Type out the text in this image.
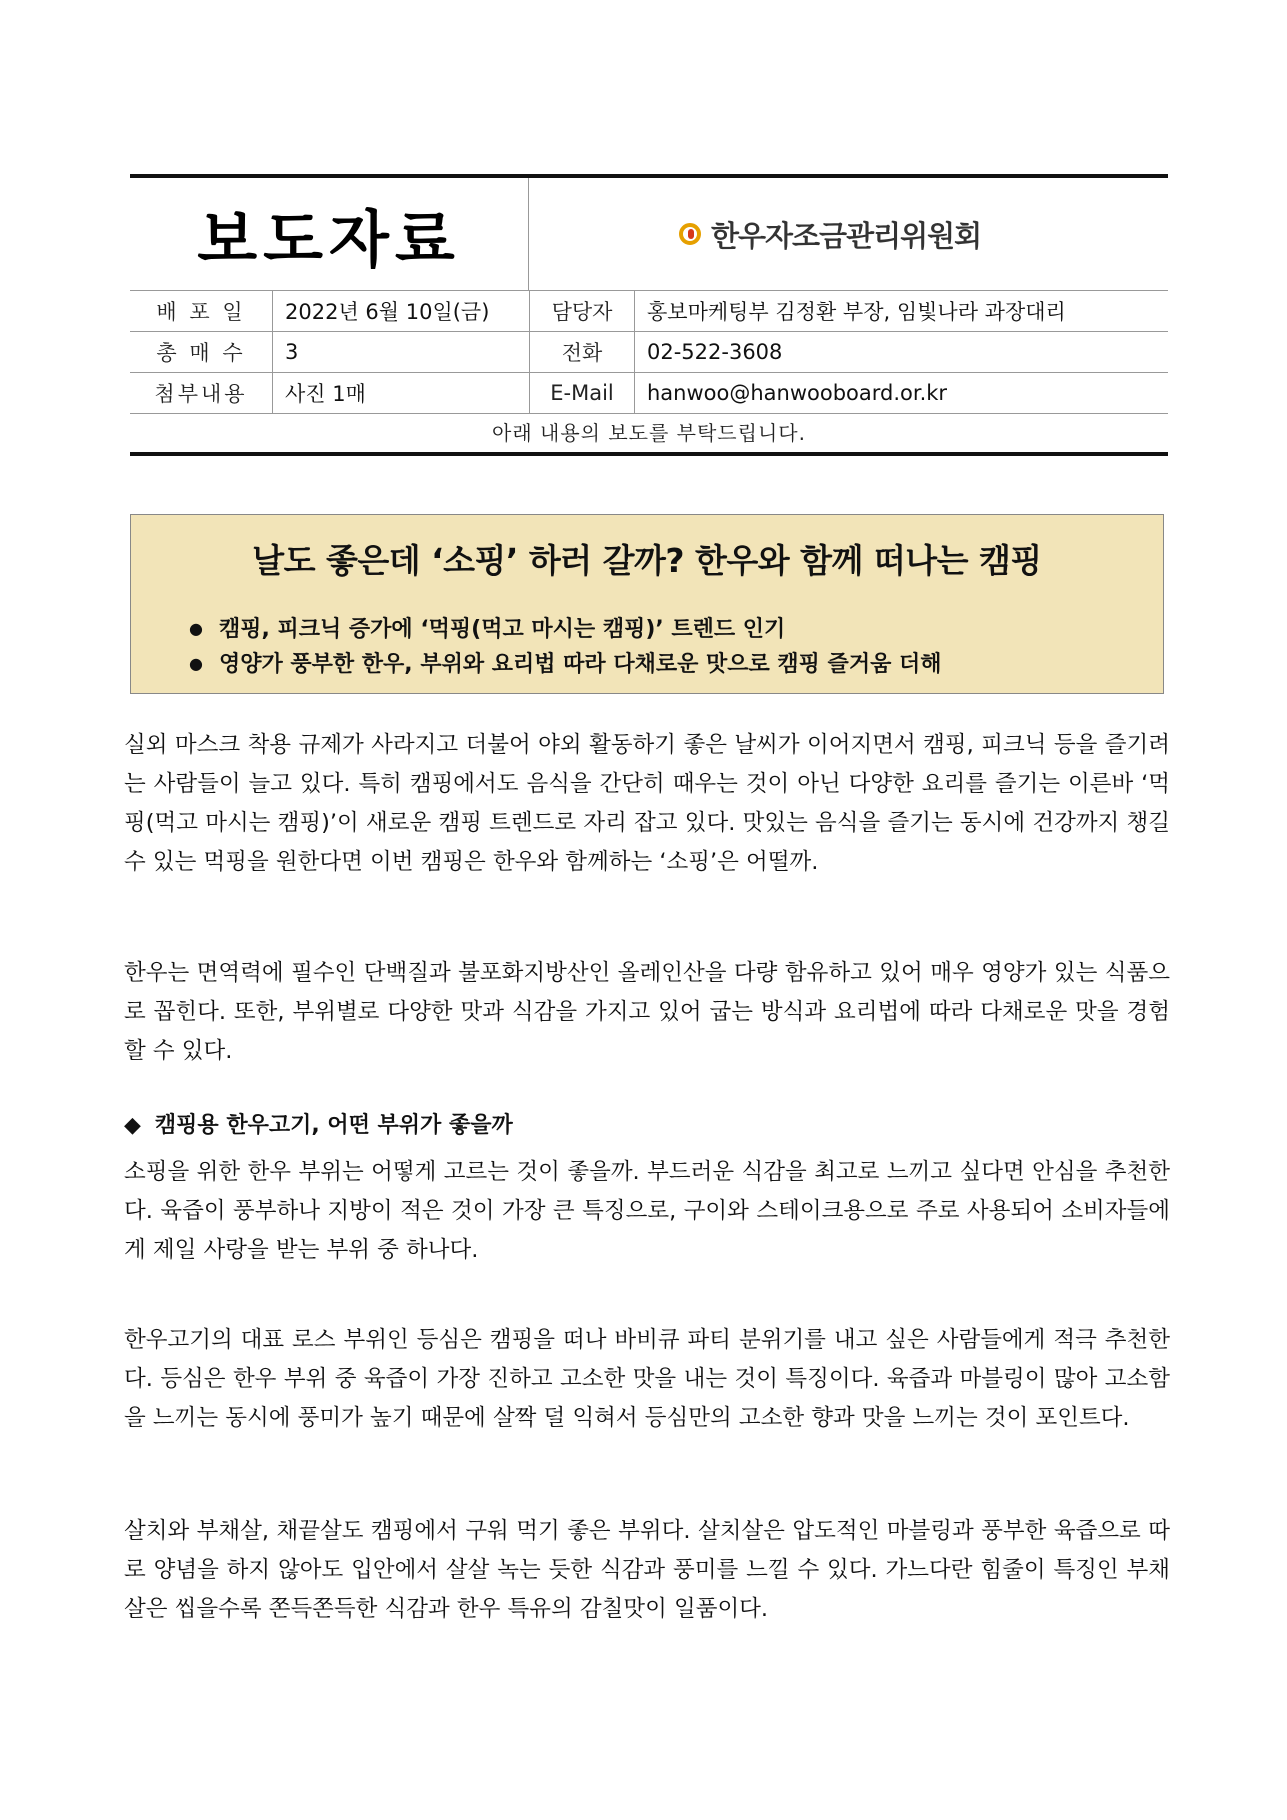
보도자료	한우자조금관리위원회
배 포 일	2022년 6월 10일(금)	담당자	홍보마케팅부 김정환 부장, 임빛나라 과장대리
총 매 수	3	전화	02-522-3608
첨부내용	사진 1매	E-Mail	hanwoo@hanwooboard.or.kr
아래 내용의 보도를 부탁드립니다.
날도 좋은데 ‘소핑’ 하러 갈까? 한우와 함께 떠나는 캠핑
● 캠핑, 피크닉 증가에 ‘먹핑(먹고 마시는 캠핑)’ 트렌드 인기
● 영양가 풍부한 한우, 부위와 요리법 따라 다채로운 맛으로 캠핑 즐거움 더해

실외 마스크 착용 규제가 사라지고 더불어 야외 활동하기 좋은 날씨가 이어지면서 캠핑, 피크닉 등을 즐기려는 사람들이 늘고 있다. 특히 캠핑에서도 음식을 간단히 때우는 것이 아닌 다양한 요리를 즐기는 이른바 ‘먹핑(먹고 마시는 캠핑)’이 새로운 캠핑 트렌드로 자리 잡고 있다. 맛있는 음식을 즐기는 동시에 건강까지 챙길 수 있는 먹핑을 원한다면 이번 캠핑은 한우와 함께하는 ‘소핑’은 어떨까.

한우는 면역력에 필수인 단백질과 불포화지방산인 올레인산을 다량 함유하고 있어 매우 영양가 있는 식품으로 꼽힌다. 또한, 부위별로 다양한 맛과 식감을 가지고 있어 굽는 방식과 요리법에 따라 다채로운 맛을 경험할 수 있다.

◆ 캠핑용 한우고기, 어떤 부위가 좋을까

소핑을 위한 한우 부위는 어떻게 고르는 것이 좋을까. 부드러운 식감을 최고로 느끼고 싶다면 안심을 추천한다. 육즙이 풍부하나 지방이 적은 것이 가장 큰 특징으로, 구이와 스테이크용으로 주로 사용되어 소비자들에게 제일 사랑을 받는 부위 중 하나다.

한우고기의 대표 로스 부위인 등심은 캠핑을 떠나 바비큐 파티 분위기를 내고 싶은 사람들에게 적극 추천한다. 등심은 한우 부위 중 육즙이 가장 진하고 고소한 맛을 내는 것이 특징이다. 육즙과 마블링이 많아 고소함을 느끼는 동시에 풍미가 높기 때문에 살짝 덜 익혀서 등심만의 고소한 향과 맛을 느끼는 것이 포인트다.

살치와 부채살, 채끝살도 캠핑에서 구워 먹기 좋은 부위다. 살치살은 압도적인 마블링과 풍부한 육즙으로 따로 양념을 하지 않아도 입안에서 살살 녹는 듯한 식감과 풍미를 느낄 수 있다. 가느다란 힘줄이 특징인 부채살은 씹을수록 쫀득쫀득한 식감과 한우 특유의 감칠맛이 일품이다.
